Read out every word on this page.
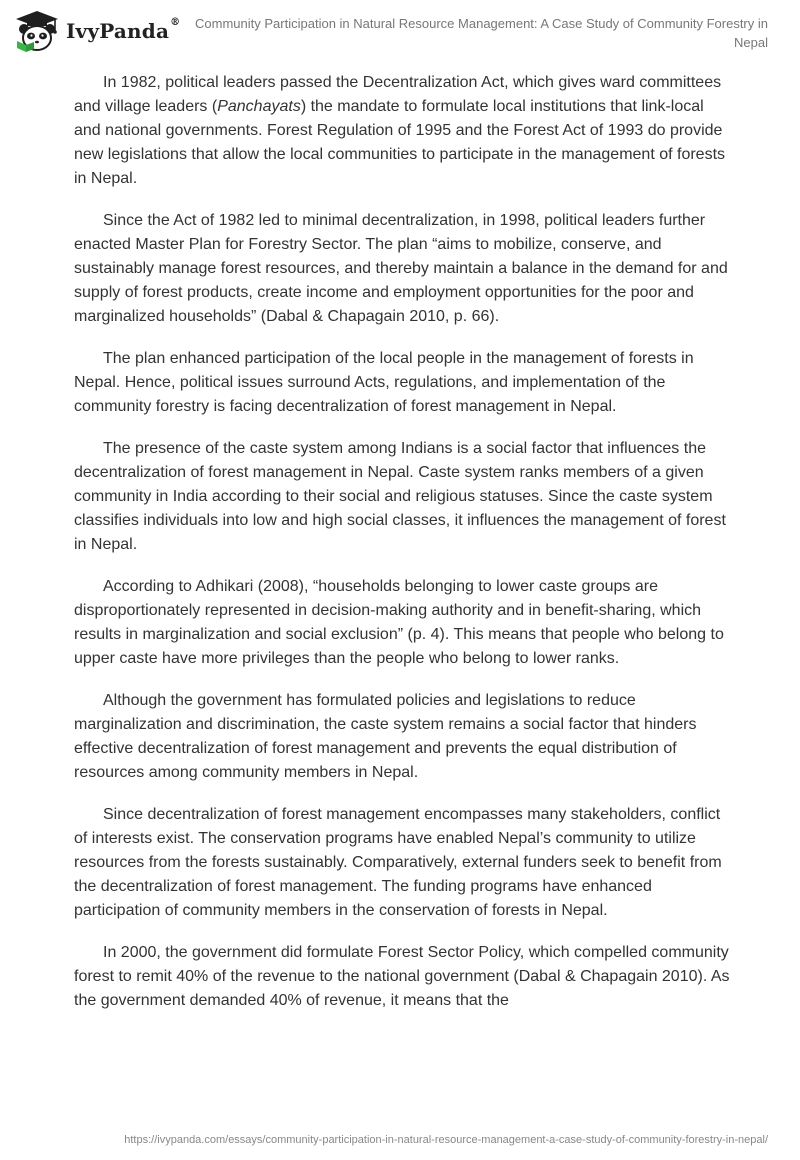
IvyPanda®	Community Participation in Natural Resource Management: A Case Study of Community Forestry in Nepal

In 1982, political leaders passed the Decentralization Act, which gives ward committees and village leaders (Panchayats) the mandate to formulate local institutions that link-local and national governments. Forest Regulation of 1995 and the Forest Act of 1993 do provide new legislations that allow the local communities to participate in the management of forests in Nepal.

Since the Act of 1982 led to minimal decentralization, in 1998, political leaders further enacted Master Plan for Forestry Sector. The plan “aims to mobilize, conserve, and sustainably manage forest resources, and thereby maintain a balance in the demand for and supply of forest products, create income and employment opportunities for the poor and marginalized households” (Dabal & Chapagain 2010, p. 66).

The plan enhanced participation of the local people in the management of forests in Nepal. Hence, political issues surround Acts, regulations, and implementation of the community forestry is facing decentralization of forest management in Nepal.

The presence of the caste system among Indians is a social factor that influences the decentralization of forest management in Nepal. Caste system ranks members of a given community in India according to their social and religious statuses. Since the caste system classifies individuals into low and high social classes, it influences the management of forest in Nepal.

According to Adhikari (2008), “households belonging to lower caste groups are disproportionately represented in decision-making authority and in benefit-sharing, which results in marginalization and social exclusion” (p. 4). This means that people who belong to upper caste have more privileges than the people who belong to lower ranks.

Although the government has formulated policies and legislations to reduce marginalization and discrimination, the caste system remains a social factor that hinders effective decentralization of forest management and prevents the equal distribution of resources among community members in Nepal.

Since decentralization of forest management encompasses many stakeholders, conflict of interests exist. The conservation programs have enabled Nepal’s community to utilize resources from the forests sustainably. Comparatively, external funders seek to benefit from the decentralization of forest management. The funding programs have enhanced participation of community members in the conservation of forests in Nepal.

In 2000, the government did formulate Forest Sector Policy, which compelled community forest to remit 40% of the revenue to the national government (Dabal & Chapagain 2010). As the government demanded 40% of revenue, it means that the

https://ivypanda.com/essays/community-participation-in-natural-resource-management-a-case-study-of-community-forestry-in-nepal/
